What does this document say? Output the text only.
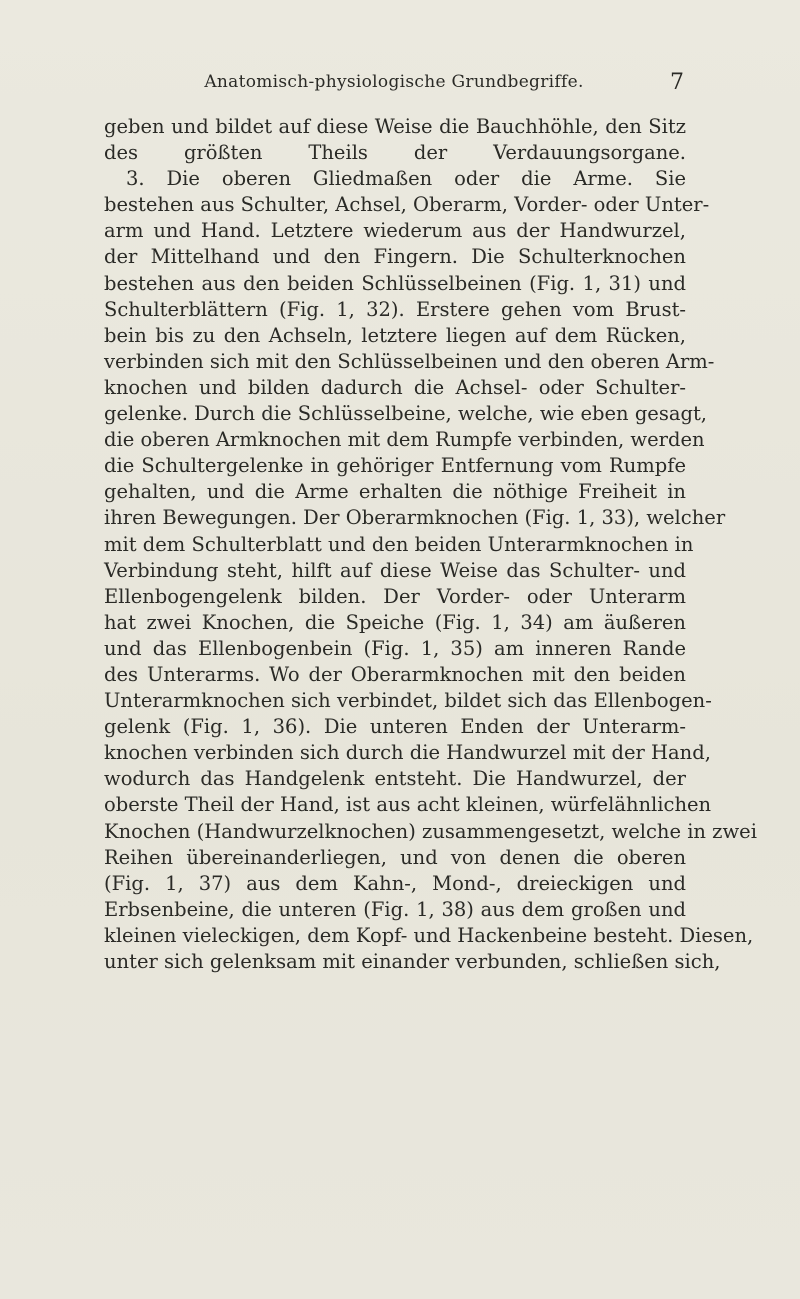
Anatomisch-physiologische Grundbegriffe.	7
geben und bildet auf diese Weise die Bauchhöhle, den Sitz
des größten Theils der Verdauungsorgane.
3. Die oberen Gliedmaßen oder die Arme. Sie
bestehen aus Schulter, Achsel, Oberarm, Vorder- oder Unter-
arm und Hand. Letztere wiederum aus der Handwurzel,
der Mittelhand und den Fingern. Die Schulterknochen
bestehen aus den beiden Schlüsselbeinen (Fig. 1, 31) und
Schulterblättern (Fig. 1, 32). Erstere gehen vom Brust-
bein bis zu den Achseln, letztere liegen auf dem Rücken,
verbinden sich mit den Schlüsselbeinen und den oberen Arm-
knochen und bilden dadurch die Achsel- oder Schulter-
gelenke. Durch die Schlüsselbeine, welche, wie eben gesagt,
die oberen Armknochen mit dem Rumpfe verbinden, werden
die Schultergelenke in gehöriger Entfernung vom Rumpfe
gehalten, und die Arme erhalten die nöthige Freiheit in
ihren Bewegungen. Der Oberarmknochen (Fig. 1, 33), welcher
mit dem Schulterblatt und den beiden Unterarmknochen in
Verbindung steht, hilft auf diese Weise das Schulter- und
Ellenbogengelenk bilden. Der Vorder- oder Unterarm
hat zwei Knochen, die Speiche (Fig. 1, 34) am äußeren
und das Ellenbogenbein (Fig. 1, 35) am inneren Rande
des Unterarms. Wo der Oberarmknochen mit den beiden
Unterarmknochen sich verbindet, bildet sich das Ellenbogen-
gelenk (Fig. 1, 36). Die unteren Enden der Unterarm-
knochen verbinden sich durch die Handwurzel mit der Hand,
wodurch das Handgelenk entsteht. Die Handwurzel, der
oberste Theil der Hand, ist aus acht kleinen, würfelähnlichen
Knochen (Handwurzelknochen) zusammengesetzt, welche in zwei
Reihen übereinanderliegen, und von denen die oberen
(Fig. 1, 37) aus dem Kahn-, Mond-, dreieckigen und
Erbsenbeine, die unteren (Fig. 1, 38) aus dem großen und
kleinen vieleckigen, dem Kopf- und Hackenbeine besteht. Diesen,
unter sich gelenksam mit einander verbunden, schließen sich,
